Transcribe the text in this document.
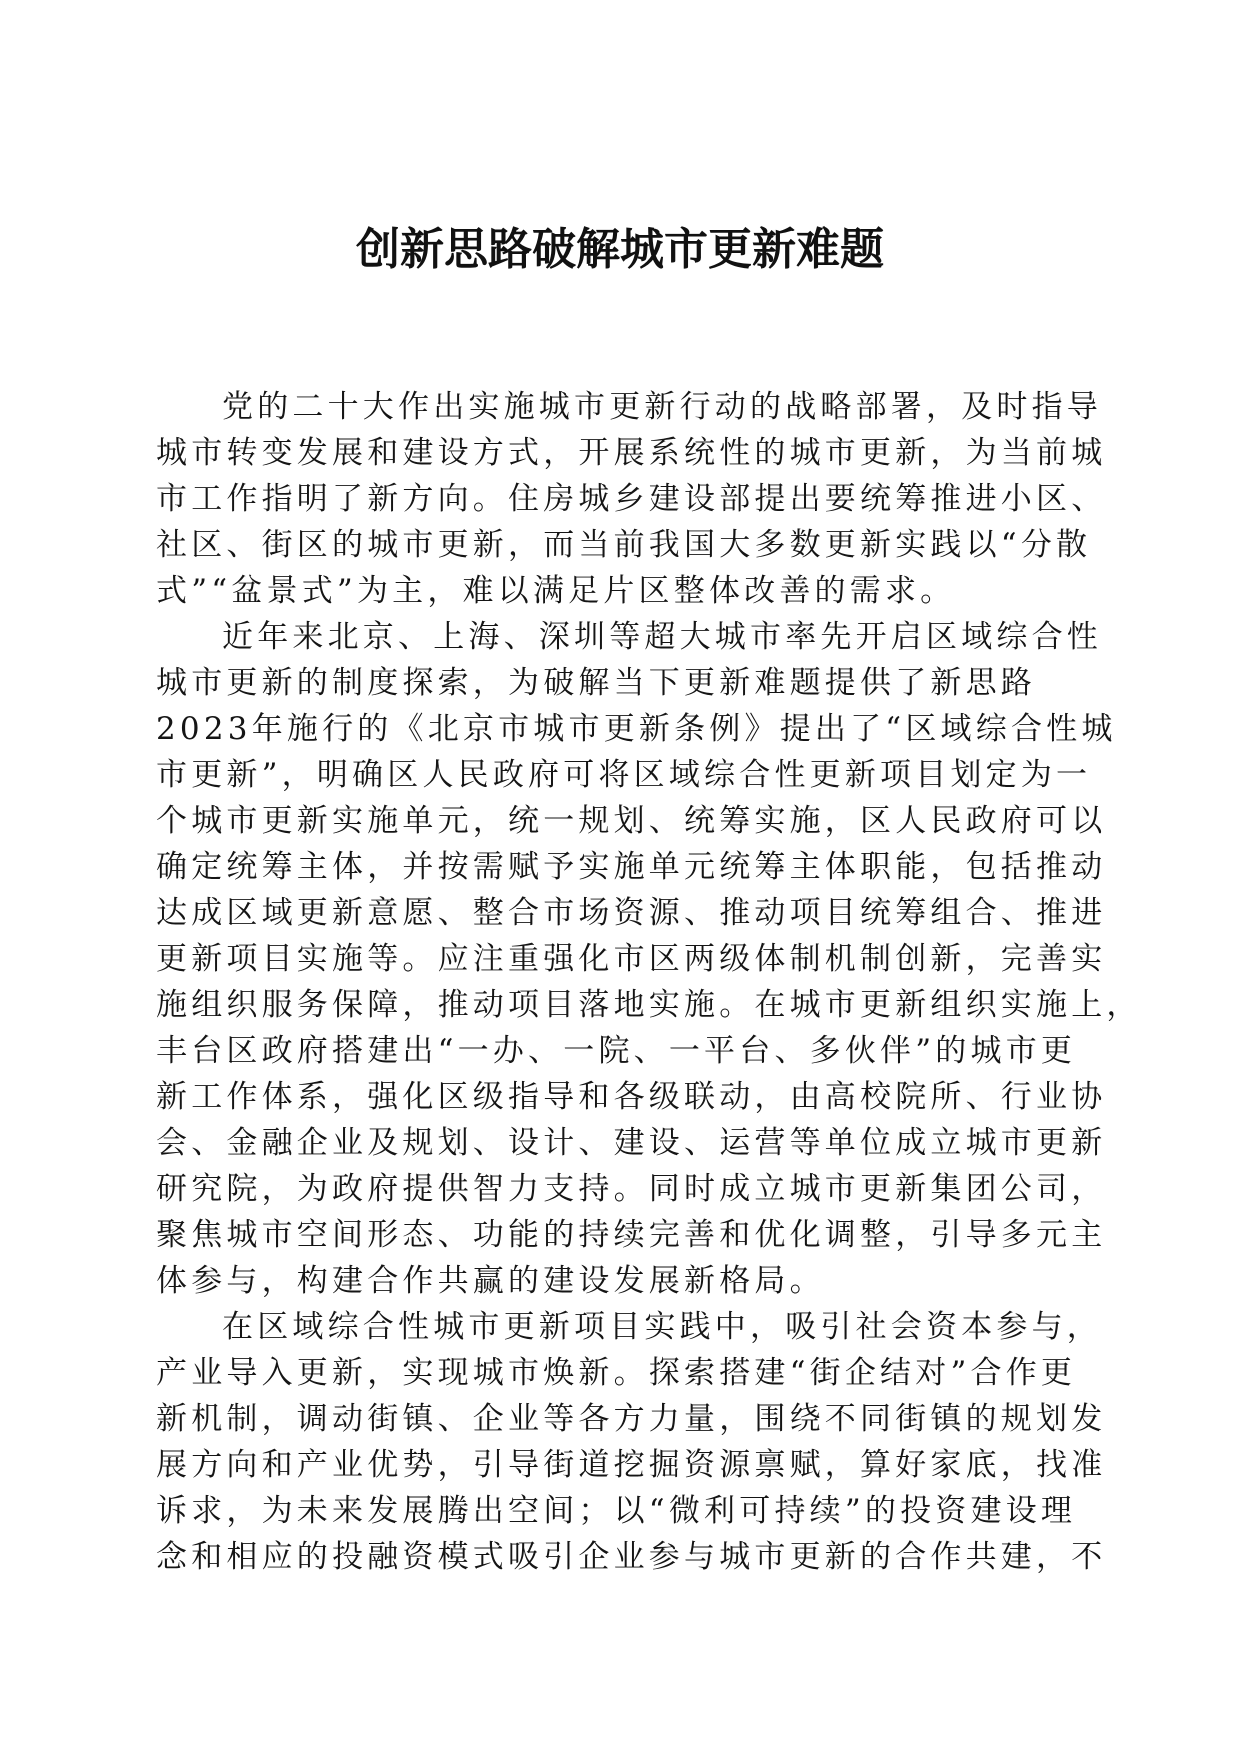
创新思路破解城市更新难题
党的二十大作出实施城市更新行动的战略部署，及时指导
城市转变发展和建设方式，开展系统性的城市更新，为当前城
市工作指明了新方向。住房城乡建设部提出要统筹推进小区、
社区、街区的城市更新，而当前我国大多数更新实践以“分散
式”“盆景式”为主，难以满足片区整体改善的需求。
近年来北京、上海、深圳等超大城市率先开启区域综合性
城市更新的制度探索，为破解当下更新难题提供了新思路
2023年施行的《北京市城市更新条例》提出了“区域综合性城
市更新”，明确区人民政府可将区域综合性更新项目划定为一
个城市更新实施单元，统一规划、统筹实施，区人民政府可以
确定统筹主体，并按需赋予实施单元统筹主体职能，包括推动
达成区域更新意愿、整合市场资源、推动项目统筹组合、推进
更新项目实施等。应注重强化市区两级体制机制创新，完善实
施组织服务保障，推动项目落地实施。在城市更新组织实施上，
丰台区政府搭建出“一办、一院、一平台、多伙伴”的城市更
新工作体系，强化区级指导和各级联动，由高校院所、行业协
会、金融企业及规划、设计、建设、运营等单位成立城市更新
研究院，为政府提供智力支持。同时成立城市更新集团公司，
聚焦城市空间形态、功能的持续完善和优化调整，引导多元主
体参与，构建合作共赢的建设发展新格局。
在区域综合性城市更新项目实践中，吸引社会资本参与，
产业导入更新，实现城市焕新。探索搭建“街企结对”合作更
新机制，调动街镇、企业等各方力量，围绕不同街镇的规划发
展方向和产业优势，引导街道挖掘资源禀赋，算好家底，找准
诉求，为未来发展腾出空间；以“微利可持续”的投资建设理
念和相应的投融资模式吸引企业参与城市更新的合作共建，不
